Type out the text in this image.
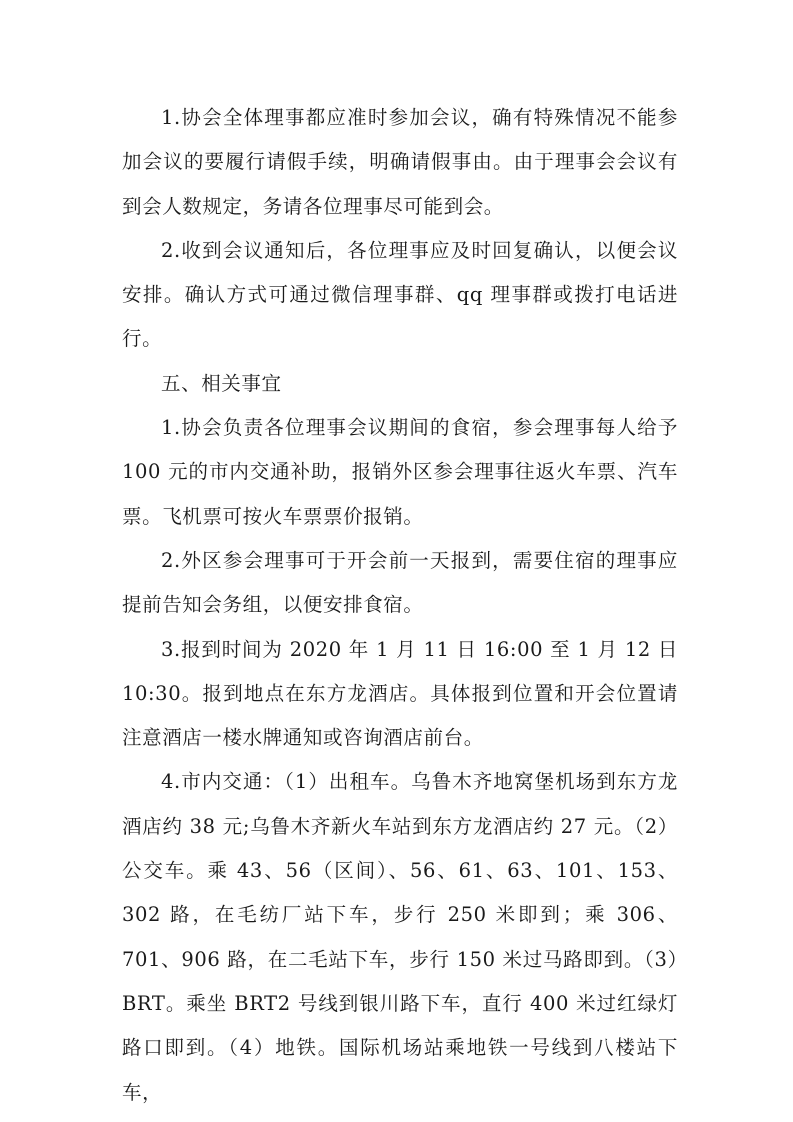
1.协会全体理事都应准时参加会议，确有特殊情况不能参加会议的要履行请假手续，明确请假事由。由于理事会会议有到会人数规定，务请各位理事尽可能到会。

2.收到会议通知后，各位理事应及时回复确认，以便会议安排。确认方式可通过微信理事群、qq 理事群或拨打电话进行。

五、相关事宜

1.协会负责各位理事会议期间的食宿，参会理事每人给予 100 元的市内交通补助，报销外区参会理事往返火车票、汽车票。飞机票可按火车票票价报销。

2.外区参会理事可于开会前一天报到，需要住宿的理事应提前告知会务组，以便安排食宿。

3.报到时间为 2020 年 1 月 11 日 16:00 至 1 月 12 日 10:30。报到地点在东方龙酒店。具体报到位置和开会位置请注意酒店一楼水牌通知或咨询酒店前台。

4.市内交通：（1）出租车。乌鲁木齐地窝堡机场到东方龙酒店约 38 元;乌鲁木齐新火车站到东方龙酒店约 27 元。（2）公交车。乘 43、56（区间）、56、61、63、101、153、302 路，在毛纺厂站下车，步行 250 米即到；乘 306、701、906 路，在二毛站下车，步行 150 米过马路即到。（3）BRT。乘坐 BRT2 号线到银川路下车，直行 400 米过红绿灯路口即到。（4）地铁。国际机场站乘地铁一号线到八楼站下车，
